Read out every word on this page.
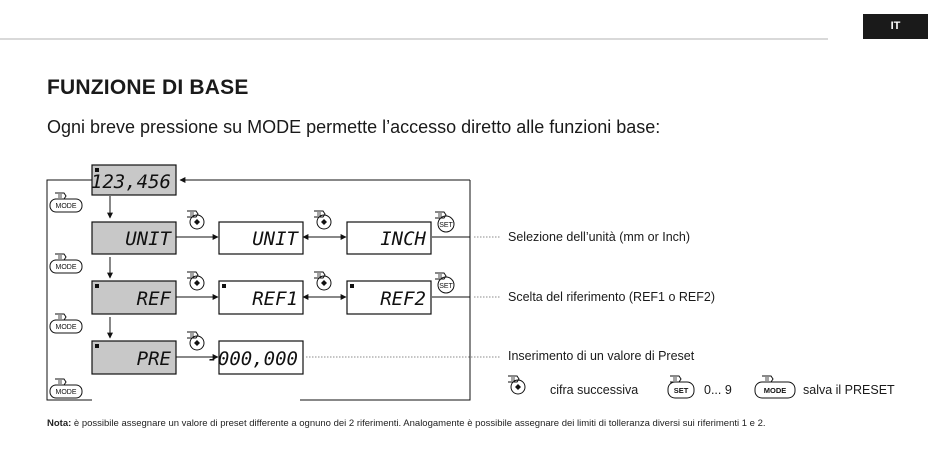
IT
FUNZIONE DI BASE
Ogni breve pressione su MODE permette l’accesso diretto alle funzioni base:
123,456
UNIT	UNIT	INCH
REF	REF1	REF2
PRE -000,000
MODE
MODE
MODE
MODE
SET
SET
Selezione dell’unità (mm or Inch)
Scelta del riferimento (REF1 o REF2)
Inserimento di un valore di Preset
cifra successiva	SET 0... 9	MODE salva il PRESET
Nota: è possibile assegnare un valore di preset differente a ognuno dei 2 riferimenti. Analogamente è possibile assegnare dei limiti di tolleranza diversi sui riferimenti 1 e 2.
